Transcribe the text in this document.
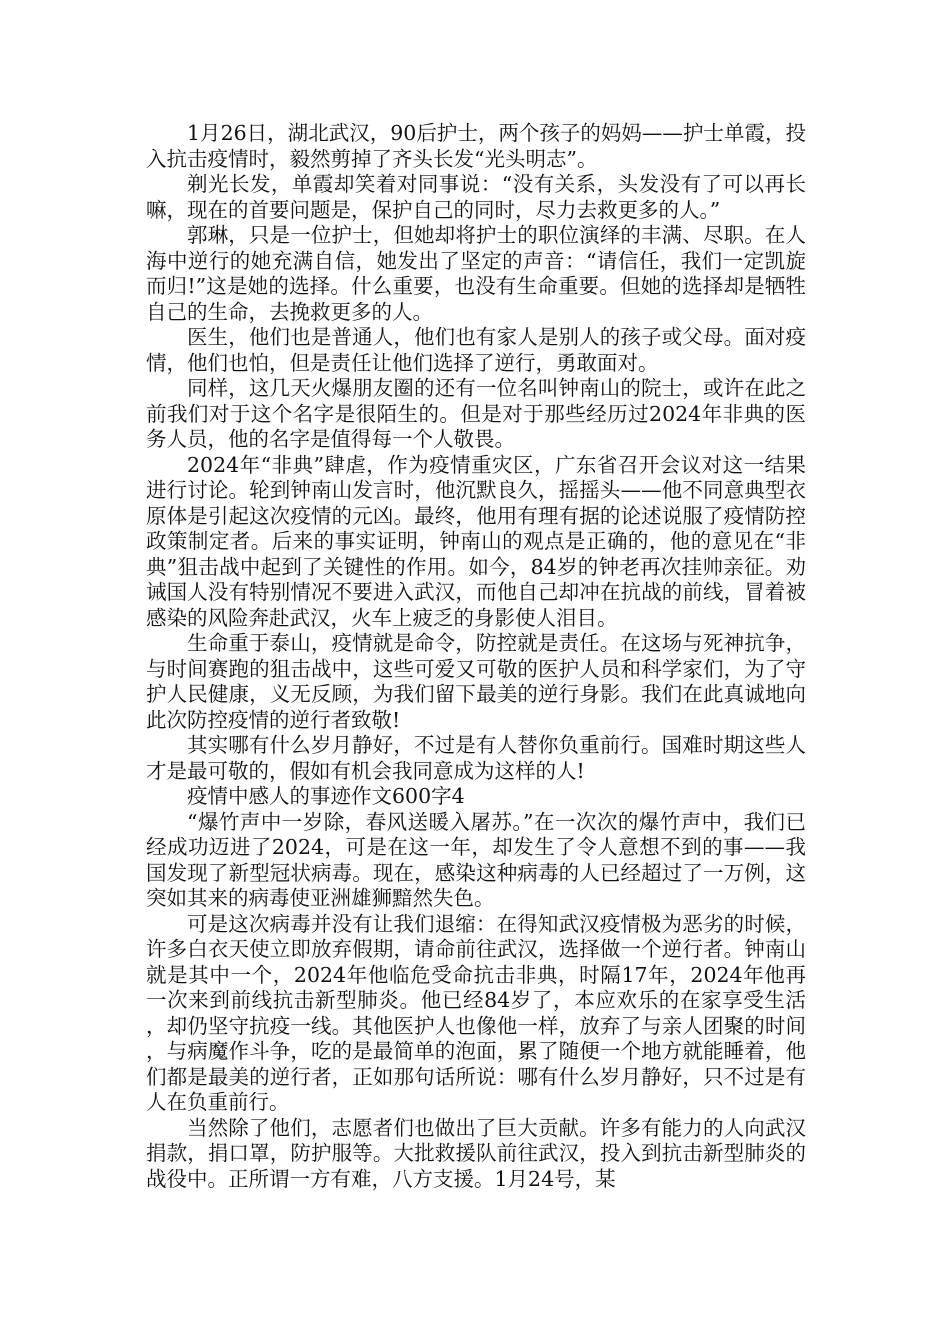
1月26日，湖北武汉，90后护士，两个孩子的妈妈——护士单霞，投入抗击疫情时，毅然剪掉了齐头长发“光头明志”。

剃光长发，单霞却笑着对同事说：“没有关系，头发没有了可以再长嘛，现在的首要问题是，保护自己的同时，尽力去救更多的人。”

郭琳，只是一位护士，但她却将护士的职位演绎的丰满、尽职。在人海中逆行的她充满自信，她发出了坚定的声音：“请信任，我们一定凯旋而归!”这是她的选择。什么重要，也没有生命重要。但她的选择却是牺牲自己的生命，去挽救更多的人。

医生，他们也是普通人，他们也有家人是别人的孩子或父母。面对疫情，他们也怕，但是责任让他们选择了逆行，勇敢面对。

同样，这几天火爆朋友圈的还有一位名叫钟南山的院士，或许在此之前我们对于这个名字是很陌生的。但是对于那些经历过2024年非典的医务人员，他的名字是值得每一个人敬畏。

2024年“非典”肆虐，作为疫情重灾区，广东省召开会议对这一结果进行讨论。轮到钟南山发言时，他沉默良久，摇摇头——他不同意典型衣原体是引起这次疫情的元凶。最终，他用有理有据的论述说服了疫情防控政策制定者。后来的事实证明，钟南山的观点是正确的，他的意见在“非典”狙击战中起到了关键性的作用。如今，84岁的钟老再次挂帅亲征。劝诫国人没有特别情况不要进入武汉，而他自己却冲在抗战的前线，冒着被感染的风险奔赴武汉，火车上疲乏的身影使人泪目。

生命重于泰山，疫情就是命令，防控就是责任。在这场与死神抗争，与时间赛跑的狙击战中，这些可爱又可敬的医护人员和科学家们，为了守护人民健康，义无反顾，为我们留下最美的逆行身影。我们在此真诚地向此次防控疫情的逆行者致敬!

其实哪有什么岁月静好，不过是有人替你负重前行。国难时期这些人才是最可敬的，假如有机会我同意成为这样的人!

疫情中感人的事迹作文600字4

“爆竹声中一岁除，春风送暖入屠苏。”在一次次的爆竹声中，我们已经成功迈进了2024，可是在这一年，却发生了令人意想不到的事——我国发现了新型冠状病毒。现在，感染这种病毒的人已经超过了一万例，这突如其来的病毒使亚洲雄狮黯然失色。

可是这次病毒并没有让我们退缩：在得知武汉疫情极为恶劣的时候，许多白衣天使立即放弃假期，请命前往武汉，选择做一个逆行者。钟南山就是其中一个，2024年他临危受命抗击非典，时隔17年，2024年他再一次来到前线抗击新型肺炎。他已经84岁了，本应欢乐的在家享受生活，却仍坚守抗疫一线。其他医护人也像他一样，放弃了与亲人团聚的时间，与病魔作斗争，吃的是最简单的泡面，累了随便一个地方就能睡着，他们都是最美的逆行者，正如那句话所说：哪有什么岁月静好，只不过是有人在负重前行。

当然除了他们，志愿者们也做出了巨大贡献。许多有能力的人向武汉捐款，捐口罩，防护服等。大批救援队前往武汉，投入到抗击新型肺炎的战役中。正所谓一方有难，八方支援。1月24号，某
